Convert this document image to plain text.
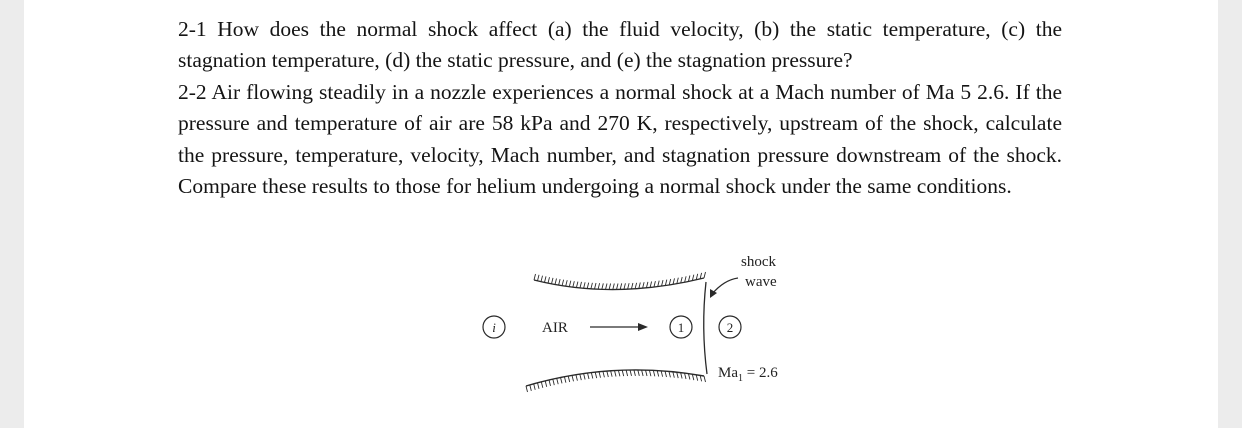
2-1 How does the normal shock affect (a) the fluid velocity, (b) the static temperature, (c) the stagnation temperature, (d) the static pressure, and (e) the stagnation pressure?

2-2 Air flowing steadily in a nozzle experiences a normal shock at a Mach number of Ma 5 2.6. If the pressure and temperature of air are 58 kPa and 270 K, respectively, upstream of the shock, calculate the pressure, temperature, velocity, Mach number, and stagnation pressure downstream of the shock. Compare these results to those for helium undergoing a normal shock under the same conditions.

shock
wave
i	AIR	1	2
$Ma_1 = 2.6$
